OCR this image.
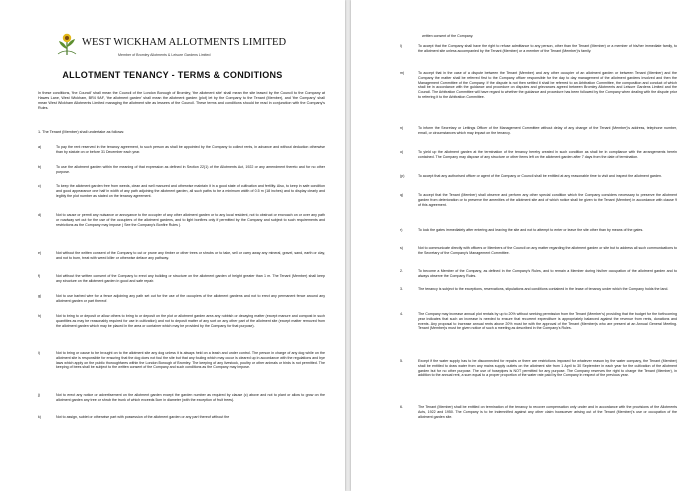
WEST WICKHAM ALLOTMENTS LIMITED
Member of Bromley Allotments & Leisure Gardens Limited
ALLOTMENT TENANCY - TERMS & CONDITIONS
In these conditions, 'the Council' shall mean the Council of the London Borough of Bromley, 'the allotment site' shall mean the site leased by the Council to the Company at Hawes Lane, West Wickham, BR4 9AF, 'the allotment garden' shall mean the allotment garden (plot) let by the Company to the Tenant (Member), and 'the Company' shall mean West Wickham Allotments Limited managing the allotment site as lessees of the Council. These terms and conditions should be read in conjunction with the Company's Rules.
1. The Tenant (Member) shall undertake as follows:
a)	To pay the rent reserved in the tenancy agreement, to such person as shall be appointed by the Company to collect rents, in advance and without deduction otherwise than by statute on or before 31 December each year.
b)	To use the allotment garden within the meaning of that expression as defined in Section 22(1) of the Allotments Act, 1922 or any amendment thereto and for no other purpose.
c)	To keep the allotment garden free from weeds, clean and well manured and otherwise maintain it in a good state of cultivation and fertility. Also, to keep in safe condition and good appearance one half in width of any path adjoining the allotment garden, all such paths to be a minimum width of 0.5 m (18 inches) and to display clearly and legibly the plot number as stated on the tenancy agreement.
d)	Not to cause or permit any nuisance or annoyance to the occupier of any other allotment garden or to any local resident, not to obstruct or encroach on or over any path or roadway set out for the use of the occupiers of the allotment gardens, and to light bonfires only if permitted by the Company and subject to such requirements and restrictions as the Company may impose ( See the Company's Bonfire Rules ).
e)	Not without the written consent of the Company to cut or prune any timber or other trees or shrubs or to take, sell or carry away any mineral, gravel, sand, earth or clay, and not to burn, treat with weed killer or otherwise deface any pathway.
f)	Not without the written consent of the Company to erect any building or structure on the allotment garden of height greater than 1 m. The Tenant (Member) shall keep any structure on the allotment garden in good and safe repair.
g)	Not to use barbed wire for a fence adjoining any path set out for the use of the occupiers of the allotment gardens and not to erect any permanent fence around any allotment garden or part thereof.
h)	Not to bring to or deposit or allow others to bring to or deposit on the plot or allotment garden area any rubbish or decaying matter (except manure and compost in such quantities as may be reasonably required for use in cultivation) and not to deposit matter of any sort on any other part of the allotment site (except matter removed from the allotment garden which may be placed in the area or container which may be provided by the Company for that purpose).
i)	Not to bring or cause to be brought on to the allotment site any dog unless it is always held on a leash and under control. The person in charge of any dog while on the allotment site is responsible for ensuring that the dog does not foul the site but that any fouling which may occur is cleared up in accordance with the regulations and bye laws which apply on the public thoroughfares within the London Borough of Bromley. The keeping of any livestock, poultry or other animals or birds is not permitted. The keeping of bees shall be subject to the written consent of the Company and such conditions as the Company may impose.
j)	Not to erect any notice or advertisement on the allotment garden except the garden number as required by clause (c) above and not to plant or allow to grow on the allotment garden any tree or shrub the trunk of which exceeds 5cm in diameter (with the exception of fruit trees).
k)	Not to assign, sublet or otherwise part with possession of the allotment garden or any part thereof without the
written consent of the Company.
l)	To accept that the Company shall have the right to refuse admittance to any person, other than the Tenant (Member) or a member of his/her immediate family, to the allotment site unless accompanied by the Tenant (Member) or a member of the Tenant (Member)'s family.
m)	To accept that in the case of a dispute between the Tenant (Member) and any other occupier of an allotment garden or between Tenant (Member) and the Company the matter shall be referred first to the Company officer responsible for the day to day management of the allotment gardens involved and then the Management Committee of the Company. If the dispute is not then settled it shall be referred to an Arbitration Committee, the composition and conduct of which shall be in accordance with the guidance and procedure on disputes and grievances agreed between Bromley Allotments and Leisure Gardens Limited and the Council. The Arbitration Committee will have regard to whether the guidance and procedure has been followed by the Company when dealing with the dispute prior to referring it to the Arbitration Committee.
n)	To inform the Secretary or Lettings Officer of the Management Committee without delay of any change of the Tenant (Member)'s address, telephone number, email, or circumstances which may impact on the tenancy.
o)	To yield up the allotment garden at the termination of the tenancy hereby created in such condition as shall be in compliance with the arrangements herein contained. The Company may dispose of any structure or other items left on the allotment garden after 7 days from the date of termination.
(p)	To accept that any authorised officer or agent of the Company or Council shall be entitled at any reasonable time to visit and inspect the allotment garden.
q)	To accept that the Tenant (Member) shall observe and perform any other special condition which the Company considers necessary to preserve the allotment garden from deterioration or to preserve the amenities of the allotment site and of which notice shall be given to the Tenant (Member) in accordance with clause 9 of this agreement.
r)	To lock the gates immediately after entering and leaving the site and not to attempt to enter or leave the site other than by means of the gates.
s)	Not to communicate directly with officers or Members of the Council on any matter regarding the allotment garden or site but to address all such communications to the Secretary of the Company's Management Committee.
2.	To become a Member of the Company, as defined in the Company's Rules, and to remain a Member during his/her occupation of the allotment garden and to always observe the Company Rules.
3.	The tenancy is subject to the exceptions, reservations, stipulations and conditions contained in the lease of tenancy under which the Company holds the land.
4.	The Company may increase annual plot rentals by up to 20% without seeking permission from the Tenant (Member's) providing that the budget for the forthcoming year indicates that such an increase is needed to ensure that recurrent expenditure is appropriately balanced against the revenue from rents, donations and events. Any proposal to increase annual rents above 20% must be with the approval of the Tenant (Member)s who are present at an Annual General Meeting. Tenant (Member)s must be given notice of such a meeting as described in the Company's Rules.
5.	Except if the water supply has to be disconnected for repairs or there are restrictions imposed for whatever reason by the water company, the Tenant (Member) shall be entitled to draw water from any mains supply outlets on the allotment site from 1 April to 30 September in each year for the cultivation of the allotment garden but for no other purpose. The use of hosepipes is NOT permitted for any purpose. The Company reserves the right to charge the Tenant (Member), in addition to the annual rent, a sum equal to a proper proportion of the water rate paid by the Company in respect of the previous year.
6.	The Tenant (Member) shall be entitled on termination of the tenancy to recover compensation only under and in accordance with the provisions of the Allotments Acts, 1922 and 1950. The Company is to be indemnified against any other claim howsoever arising out of the Tenant (Member)'s use or occupation of the allotment garden site.
